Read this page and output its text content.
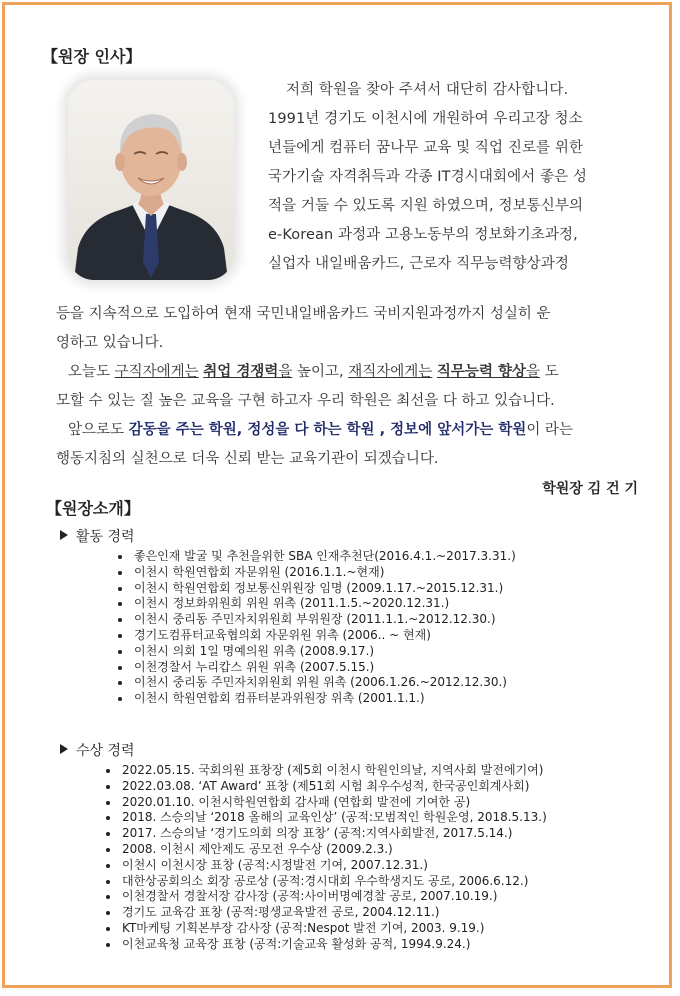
【원장 인사】
저희 학원을 찾아 주셔서 대단히 감사합니다.
1991년 경기도 이천시에 개원하여 우리고장 청소
년들에게 컴퓨터 꿈나무 교육 및 직업 진로를 위한
국가기술 자격취득과 각종 IT경시대회에서 좋은 성
적을 거둘 수 있도록 지원 하였으며, 정보통신부의
e-Korean 과정과 고용노동부의 정보화기초과정,
실업자 내일배움카드, 근로자 직무능력향상과정
등을 지속적으로 도입하여 현재 국민내일배움카드 국비지원과정까지 성실히 운
영하고 있습니다.
오늘도 구직자에게는 취업 경쟁력을 높이고, 재직자에게는 직무능력 향상을 도
모할 수 있는 질 높은 교육을 구현 하고자 우리 학원은 최선을 다 하고 있습니다.
앞으로도 감동을 주는 학원, 정성을 다 하는 학원 , 정보에 앞서가는 학원이 라는
행동지침의 실천으로 더욱 신뢰 받는 교육기관이 되겠습니다.
학원장 김 건 기
【원장소개】
활동 경력
좋은인재 발굴 및 추천을위한 SBA 인재추천단(2016.4.1.~2017.3.31.)
이천시 학원연합회 자문위원 (2016.1.1.~현재)
이천시 학원연합회 정보통신위원장 임명 (2009.1.17.~2015.12.31.)
이천시 정보화위원회 위원 위촉 (2011.1.5.~2020.12.31.)
이천시 중리동 주민자치위원회 부위원장 (2011.1.1.~2012.12.30.)
경기도컴퓨터교육협의회 자문위원 위촉 (2006.. ~ 현재)
이천시 의회 1일 명예의원 위촉 (2008.9.17.)
이천경찰서 누리캅스 위원 위촉 (2007.5.15.)
이천시 중리동 주민자치위원회 위원 위촉 (2006.1.26.~2012.12.30.)
이천시 학원연합회 컴퓨터분과위원장 위촉 (2001.1.1.)
수상 경력
2022.05.15. 국회의원 표창장 (제5회 이천시 학원인의날, 지역사회 발전에기여)
2022.03.08. ‘AT Award’ 표창 (제51회 시험 최우수성적, 한국공인회계사회)
2020.01.10. 이천시학원연합회 감사패 (연합회 발전에 기여한 공)
2018. 스승의날 ‘2018 올해의 교육인상’ (공적:모범적인 학원운영, 2018.5.13.)
2017. 스승의날 ‘경기도의회 의장 표창’ (공적:지역사회발전, 2017.5.14.)
2008. 이천시 제안제도 공모전 우수상 (2009.2.3.)
이천시 이천시장 표창 (공적:시정발전 기여, 2007.12.31.)
대한상공회의소 회장 공로상 (공적:경시대회 우수학생지도 공로, 2006.6.12.)
이천경찰서 경찰서장 감사장 (공적:사이버명예경찰 공로, 2007.10.19.)
경기도 교육감 표창 (공적:평생교육발전 공로, 2004.12.11.)
KT마케팅 기획본부장 감사장 (공적:Nespot 발전 기여, 2003. 9.19.)
이천교육청 교육장 표창 (공적:기술교육 활성화 공적, 1994.9.24.)
